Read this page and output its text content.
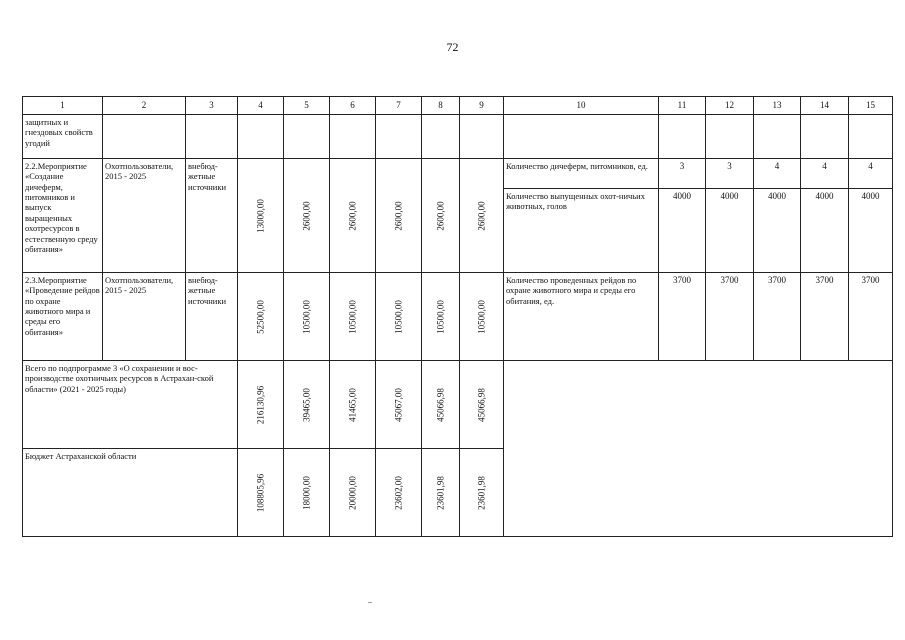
72
1	2	3	4	5	6	7	8	9	10	11	12	13	14	15
защитных и гнездовых свойств угодий														
2.2.Мероприятие «Создание дичеферм, питомников и выпуск выращенных охотресурсов в естественную среду обитания»	Охотпользователи, 2015 - 2025	внебюд-жетные источники	13000,00	2600,00	2600,00	2600,00	2600,00	2600,00	Количество дичеферм, питомников, ед.	3	3	4	4	4
									Количество выпущенных охот-ничьих животных, голов	4000	4000	4000	4000	4000
2.3.Мероприятие «Проведение рейдов по охране животного мира и среды его обитания»	Охотпользователи, 2015 - 2025	внебюд-жетные источники	52500,00	10500,00	10500,00	10500,00	10500,00	10500,00	Количество проведенных рейдов по охране животного мира и среды его обитания, ед.	3700	3700	3700	3700	3700
Всего по подпрограмме 3 «О сохранении и вос-производстве охотничьих ресурсов в Астрахан-ской области» (2021 - 2025 годы)			216130,96	39465,00	41465,00	45067,00	45066,98	45066,98						

Бюджет Астраханской области			108805,96	18000,00	20000,00	23602,00	23601,98	23601,98						
